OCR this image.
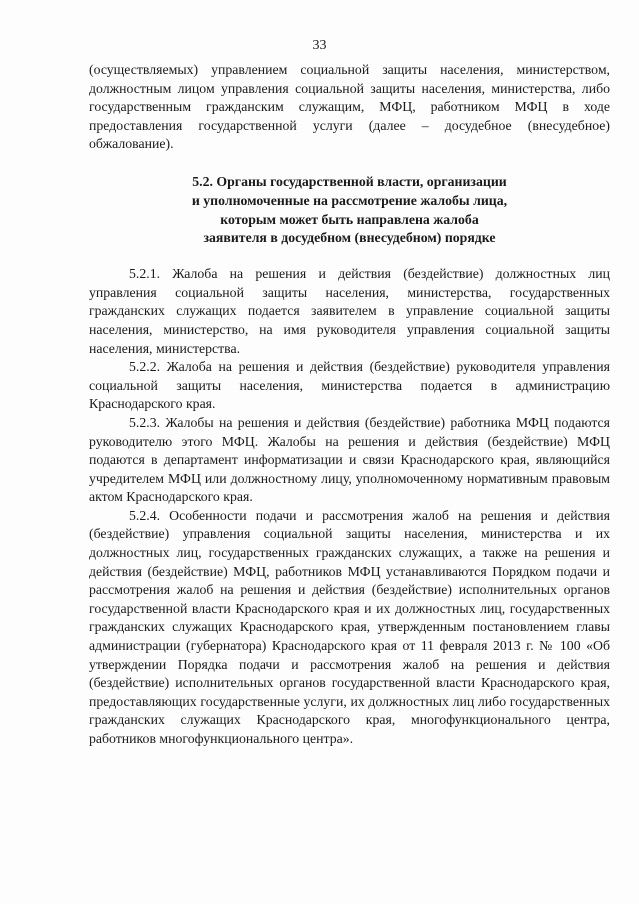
33

(осуществляемых) управлением социальной защиты населения, министерством, должностным лицом управления социальной защиты населения, министерства, либо государственным гражданским служащим, МФЦ, работником МФЦ в ходе предоставления государственной услуги (далее – досудебное (внесудебное) обжалование).

5.2. Органы государственной власти, организации
и уполномоченные на рассмотрение жалобы лица,
которым может быть направлена жалоба
заявителя в досудебном (внесудебном) порядке

5.2.1. Жалоба на решения и действия (бездействие) должностных лиц управления социальной защиты населения, министерства, государственных гражданских служащих подается заявителем в управление социальной защиты населения, министерство, на имя руководителя управления социальной защиты населения, министерства.

5.2.2. Жалоба на решения и действия (бездействие) руководителя управления социальной защиты населения, министерства подается в администрацию Краснодарского края.

5.2.3. Жалобы на решения и действия (бездействие) работника МФЦ подаются руководителю этого МФЦ. Жалобы на решения и действия (бездействие) МФЦ подаются в департамент информатизации и связи Краснодарского края, являющийся учредителем МФЦ или должностному лицу, уполномоченному нормативным правовым актом Краснодарского края.

5.2.4. Особенности подачи и рассмотрения жалоб на решения и действия (бездействие) управления социальной защиты населения, министерства и их должностных лиц, государственных гражданских служащих, а также на решения и действия (бездействие) МФЦ, работников МФЦ устанавливаются Порядком подачи и рассмотрения жалоб на решения и действия (бездействие) исполнительных органов государственной власти Краснодарского края и их должностных лиц, государственных гражданских служащих Краснодарского края, утвержденным постановлением главы администрации (губернатора) Краснодарского края от 11 февраля 2013 г. № 100 «Об утверждении Порядка подачи и рассмотрения жалоб на решения и действия (бездействие) исполнительных органов государственной власти Краснодарского края, предоставляющих государственные услуги, их должностных лиц либо государственных гражданских служащих Краснодарского края, многофункционального центра, работников многофункционального центра».
